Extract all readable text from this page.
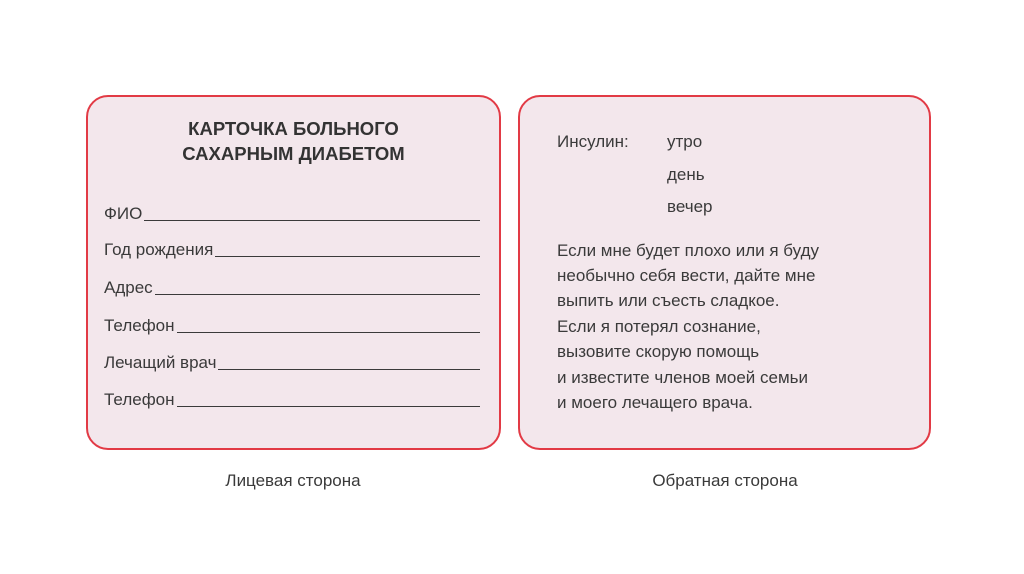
КАРТОЧКА БОЛЬНОГО
САХАРНЫМ ДИАБЕТОМ
ФИО
Год рождения
Адрес
Телефон
Лечащий врач
Телефон
Инсулин: утро
день
вечер
Если мне будет плохо или я буду
необычно себя вести, дайте мне
выпить или съесть сладкое.
Если я потерял сознание,
вызовите скорую помощь
и известите членов моей семьи
и моего лечащего врача.
Лицевая сторона	Обратная сторона
